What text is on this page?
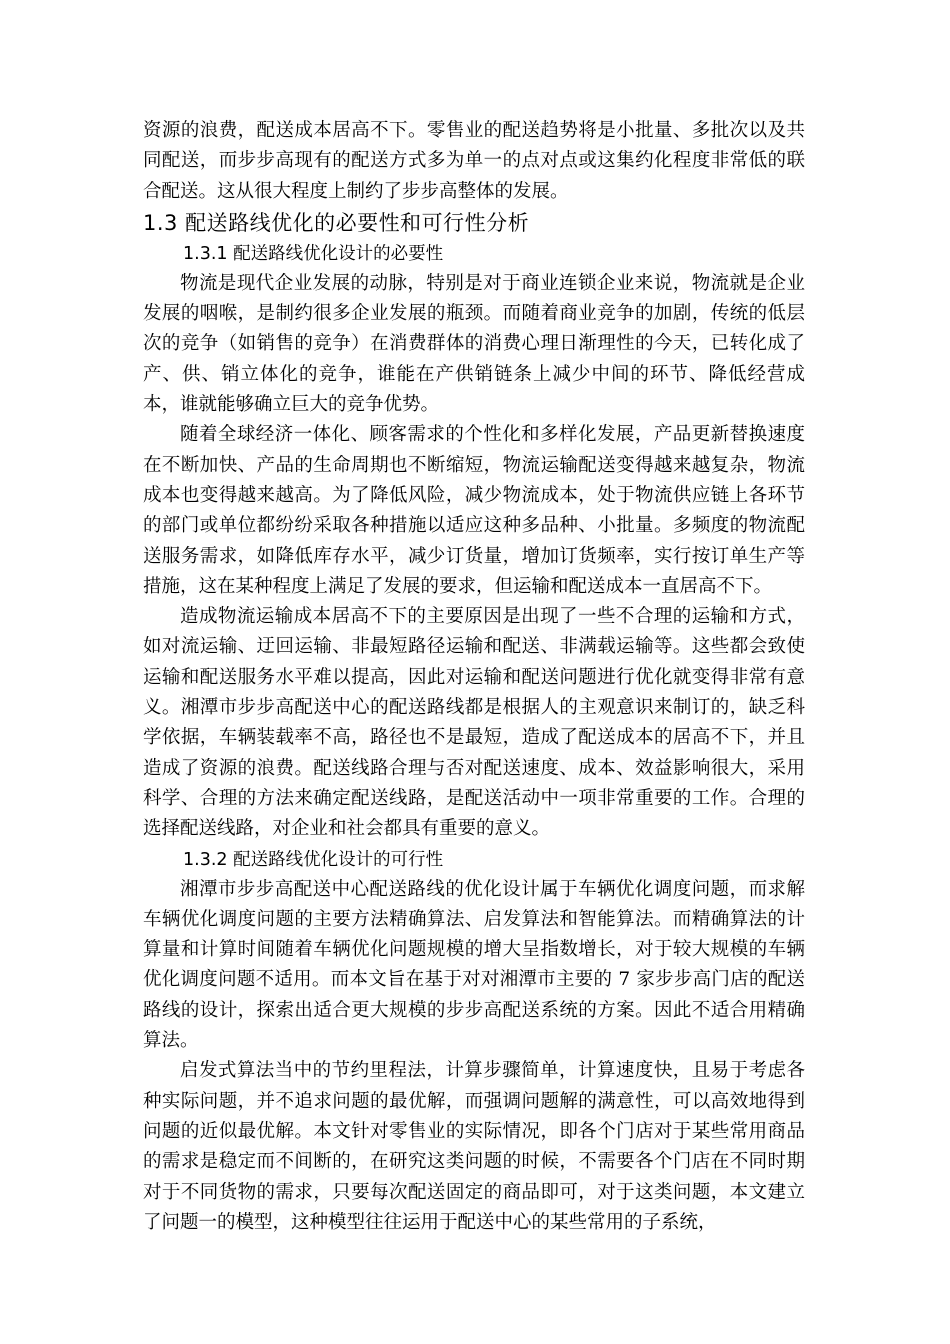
资源的浪费，配送成本居高不下。零售业的配送趋势将是小批量、多批次以及共同配送，而步步高现有的配送方式多为单一的点对点或这集约化程度非常低的联合配送。这从很大程度上制约了步步高整体的发展。

1.3 配送路线优化的必要性和可行性分析
1.3.1 配送路线优化设计的必要性

物流是现代企业发展的动脉，特别是对于商业连锁企业来说，物流就是企业发展的咽喉，是制约很多企业发展的瓶颈。而随着商业竞争的加剧，传统的低层次的竞争（如销售的竞争）在消费群体的消费心理日渐理性的今天，已转化成了产、供、销立体化的竞争，谁能在产供销链条上减少中间的环节、降低经营成本，谁就能够确立巨大的竞争优势。

随着全球经济一体化、顾客需求的个性化和多样化发展，产品更新替换速度在不断加快、产品的生命周期也不断缩短，物流运输配送变得越来越复杂，物流成本也变得越来越高。为了降低风险，减少物流成本，处于物流供应链上各环节的部门或单位都纷纷采取各种措施以适应这种多品种、小批量。多频度的物流配送服务需求，如降低库存水平，减少订货量，增加订货频率，实行按订单生产等措施，这在某种程度上满足了发展的要求，但运输和配送成本一直居高不下。

造成物流运输成本居高不下的主要原因是出现了一些不合理的运输和方式，如对流运输、迂回运输、非最短路径运输和配送、非满载运输等。这些都会致使运输和配送服务水平难以提高，因此对运输和配送问题进行优化就变得非常有意义。湘潭市步步高配送中心的配送路线都是根据人的主观意识来制订的，缺乏科学依据，车辆装载率不高，路径也不是最短，造成了配送成本的居高不下，并且造成了资源的浪费。配送线路合理与否对配送速度、成本、效益影响很大，采用科学、合理的方法来确定配送线路，是配送活动中一项非常重要的工作。合理的选择配送线路，对企业和社会都具有重要的意义。

1.3.2 配送路线优化设计的可行性

湘潭市步步高配送中心配送路线的优化设计属于车辆优化调度问题，而求解车辆优化调度问题的主要方法精确算法、启发算法和智能算法。而精确算法的计算量和计算时间随着车辆优化问题规模的增大呈指数增长，对于较大规模的车辆优化调度问题不适用。而本文旨在基于对对湘潭市主要的 7 家步步高门店的配送路线的设计，探索出适合更大规模的步步高配送系统的方案。因此不适合用精确算法。

启发式算法当中的节约里程法，计算步骤简单，计算速度快，且易于考虑各种实际问题，并不追求问题的最优解，而强调问题解的满意性，可以高效地得到问题的近似最优解。本文针对零售业的实际情况，即各个门店对于某些常用商品的需求是稳定而不间断的，在研究这类问题的时候，不需要各个门店在不同时期对于不同货物的需求，只要每次配送固定的商品即可，对于这类问题，本文建立了问题一的模型，这种模型往往运用于配送中心的某些常用的子系统，
